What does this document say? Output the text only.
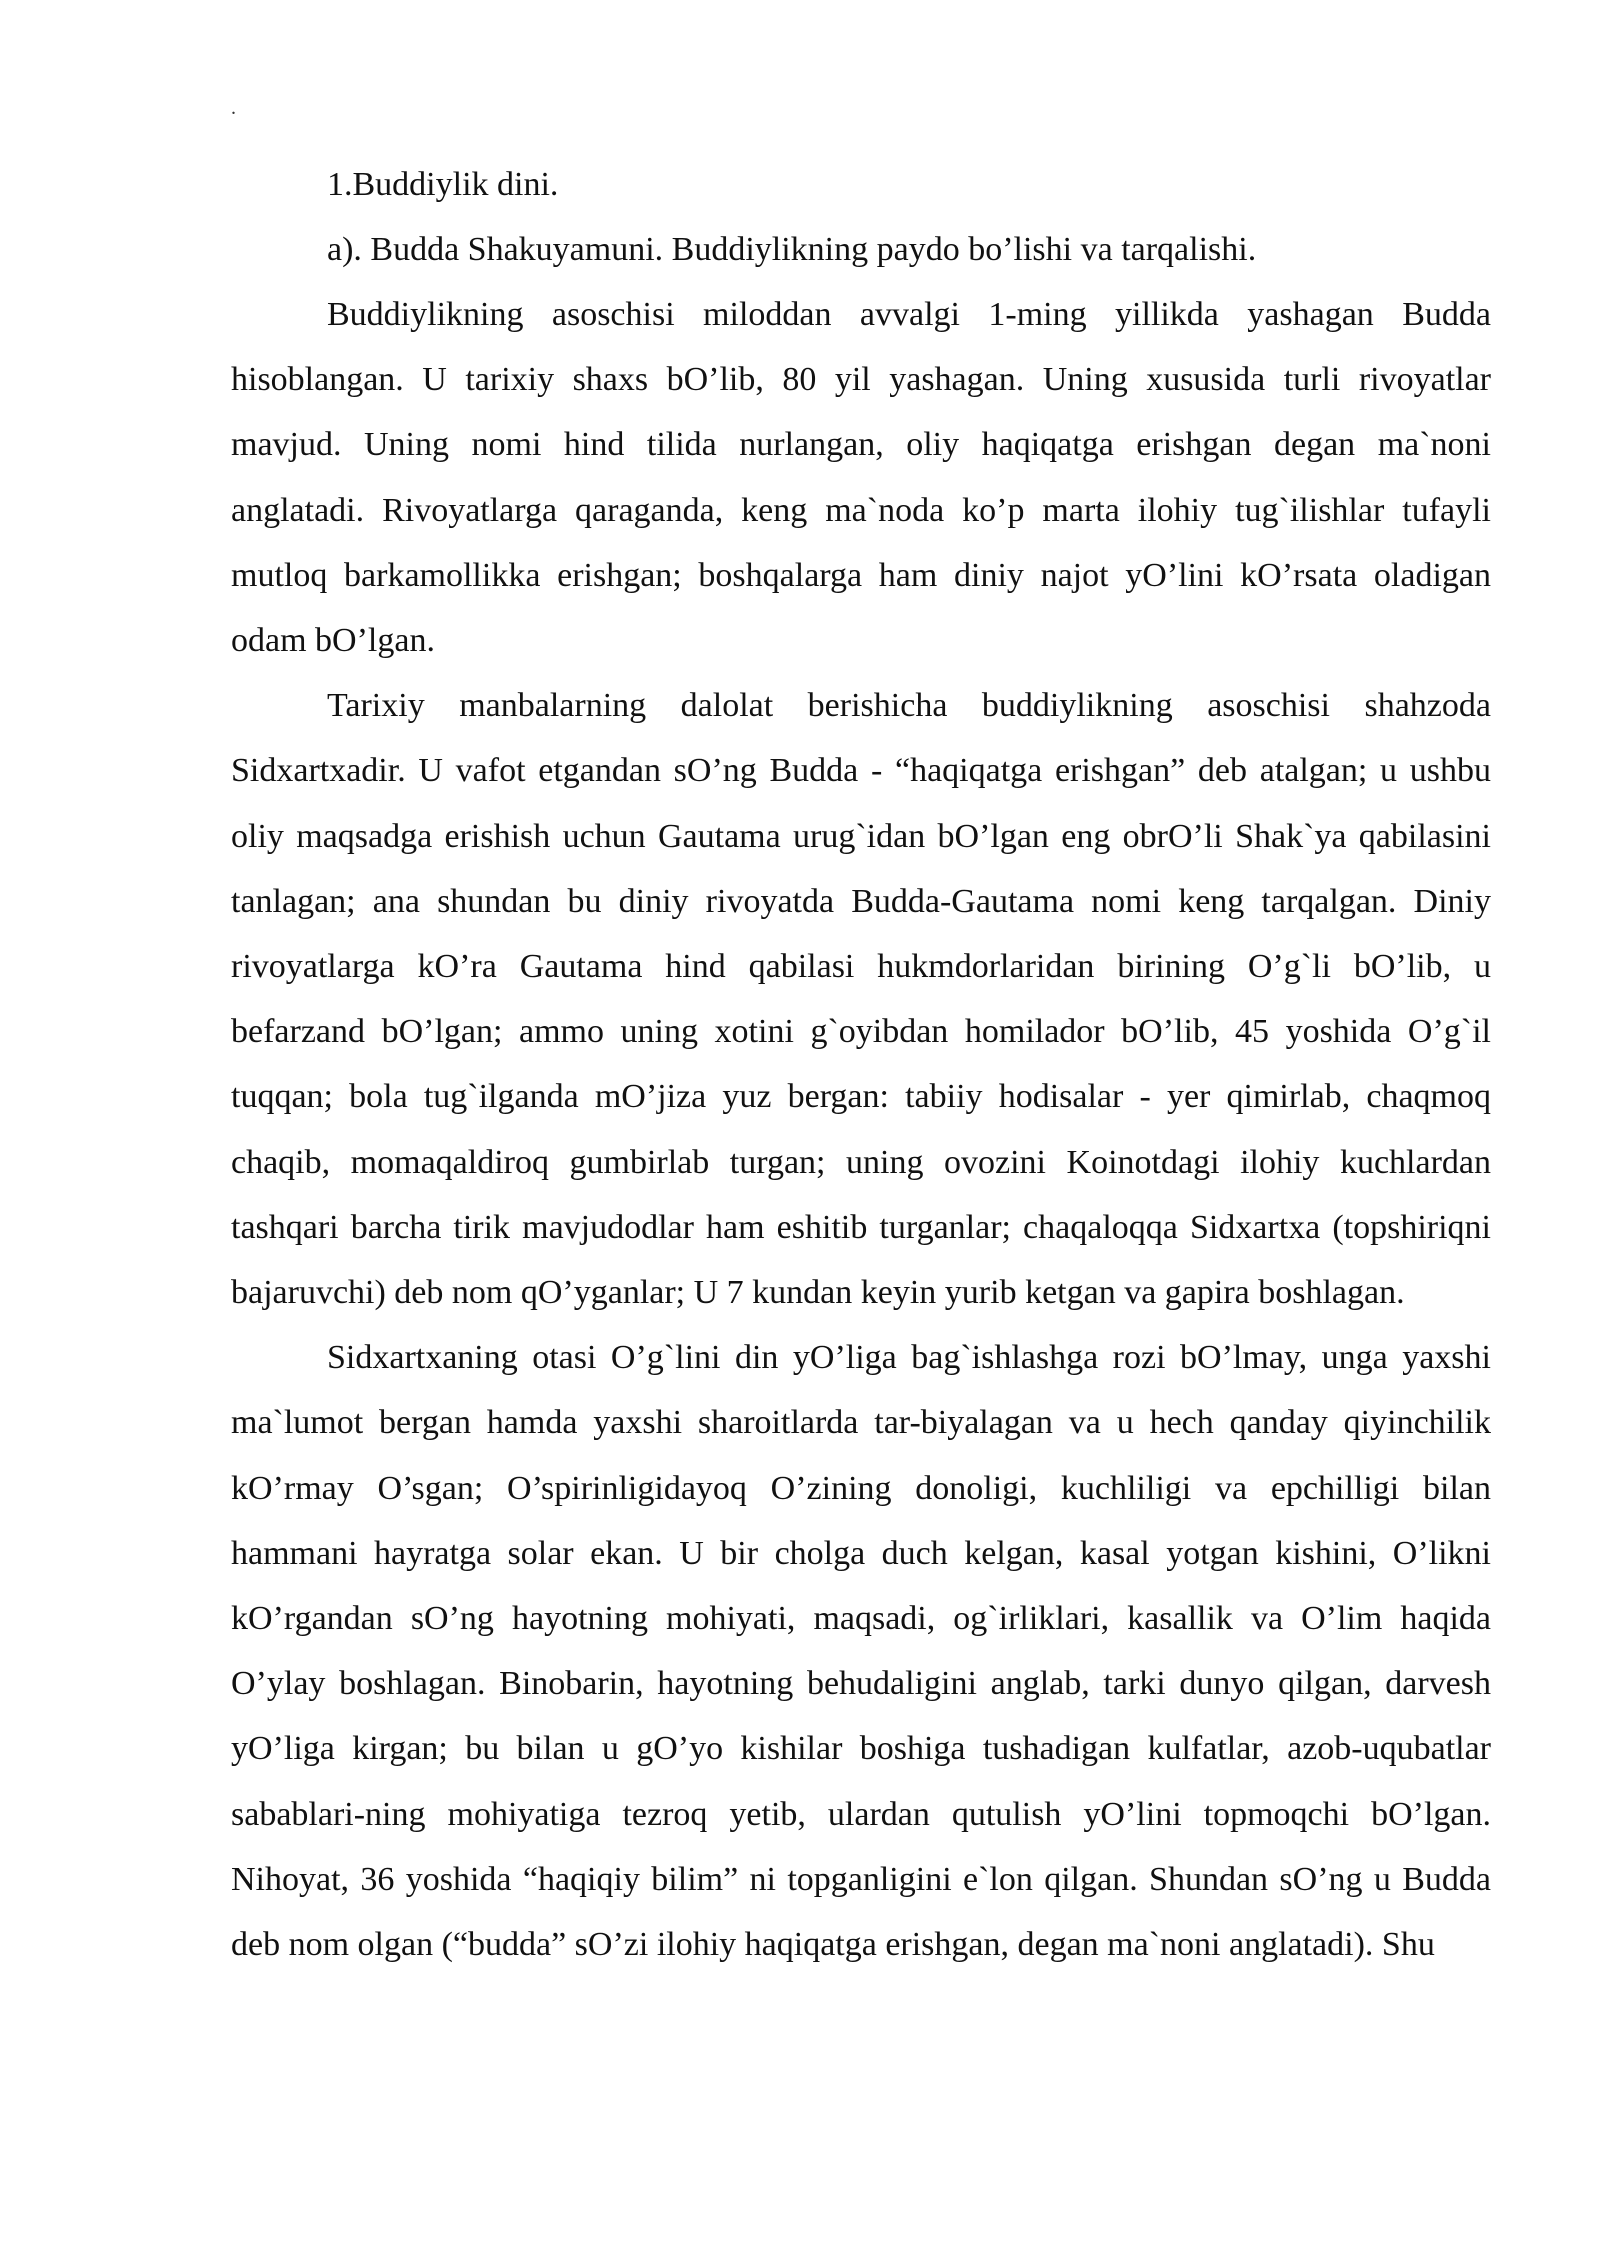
.

1.Buddiylik dini.

a). Budda Shakuyamuni. Buddiylikning paydo bo’lishi va tarqalishi.

Buddiylikning asoschisi miloddan avvalgi 1-ming yillikda yashagan Budda hisoblangan. U tarixiy shaxs bO’lib, 80 yil yashagan. Uning xususida turli rivoyatlar mavjud. Uning nomi hind tilida nurlangan, oliy haqiqatga erishgan degan ma`noni anglatadi. Rivoyatlarga qaraganda, keng ma`noda ko’p marta ilohiy tug`ilishlar tufayli mutloq barkamollikka erishgan; boshqalarga ham diniy najot yO’lini kO’rsata oladigan odam bO’lgan.

Tarixiy manbalarning dalolat berishicha buddiylikning asoschisi shahzoda Sidxartxadir. U vafot etgandan sO’ng Budda - “haqiqatga erishgan” deb atalgan; u ushbu oliy maqsadga erishish uchun Gautama urug`idan bO’lgan eng obrO’li Shak`ya qabilasini tanlagan; ana shundan bu diniy rivoyatda Budda-Gautama nomi keng tarqalgan. Diniy rivoyatlarga kO’ra Gautama hind qabilasi hukmdorlaridan birining O’g`li bO’lib, u befarzand bO’lgan; ammo uning xotini g`oyibdan homilador bO’lib, 45 yoshida O’g`il tuqqan; bola tug`ilganda mO’jiza yuz bergan: tabiiy hodisalar - yer qimirlab, chaqmoq chaqib, momaqaldiroq gumbirlab turgan; uning ovozini Koinotdagi ilohiy kuchlardan tashqari barcha tirik mavjudodlar ham eshitib turganlar; chaqaloqqa Sidxartxa (topshiriqni bajaruvchi) deb nom qO’yganlar; U 7 kundan keyin yurib ketgan va gapira boshlagan.

Sidxartxaning otasi O’g`lini din yO’liga bag`ishlashga rozi bO’lmay, unga yaxshi ma`lumot bergan hamda yaxshi sharoitlarda tar-biyalagan va u hech qanday qiyinchilik kO’rmay O’sgan; O’spirinligidayoq O’zining donoligi, kuchliligi va epchilligi bilan hammani hayratga solar ekan. U bir cholga duch kelgan, kasal yotgan kishini, O’likni kO’rgandan sO’ng hayotning mohiyati, maqsadi, og`irliklari, kasallik va O’lim haqida O’ylay boshlagan. Binobarin, hayotning behudaligini anglab, tarki dunyo qilgan, darvesh yO’liga kirgan; bu bilan u gO’yo kishilar boshiga tushadigan kulfatlar, azob-uqubatlar sabablari-ning mohiyatiga tezroq yetib, ulardan qutulish yO’lini topmoqchi bO’lgan. Nihoyat, 36 yoshida “haqiqiy bilim” ni topganligini e`lon qilgan. Shundan sO’ng u Budda deb nom olgan (“budda” sO’zi ilohiy haqiqatga erishgan, degan ma`noni anglatadi). Shu
